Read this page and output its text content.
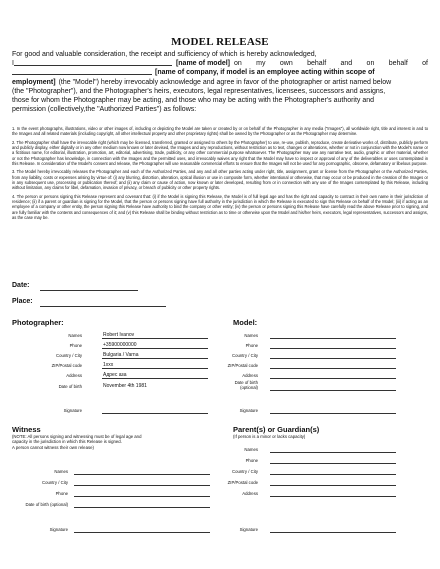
MODEL RELEASE
For good and valuable consideration, the receipt and sufficiency of which is hereby acknowledged,
I	[name of model] on my own behalf and on behalf of
[name of company, if model is an employee acting within scope of
employment] (the "Model") hereby irrevocably acknowledge and agree in favor of the photographer or artist named below
(the "Photographer"), and the Photographer's heirs, executors, legal representatives, licensees, successors and assigns,
those for whom the Photographer may be acting, and those who may be acting with the Photographer's authority and
permission (collectively,the "Authorized Parties") as follows:

1. In the event photographs, illustrations, video or other images of, including or depicting the Model are taken or created by or on behalf of the Photographer in any media ("Images"), all worldwide right, title and interest in and to the Images and all related materials (including copyright, all other intellectual property and other proprietary rights) shall be owned by the Photographer or as the Photographer may determine.

2. The Photographer shall have the irrevocable right (which may be licensed, transferred, granted or assigned to others by the Photographer) to use, re-use, publish, reproduce, create derivative works of, distribute, publicly perform and publicly display, either digitally or in any other medium now known or later devised, the Images and any reproductions, without restriction as to text, changes or alterations, whether or not in conjunction with the Model's name or a fictitious name, for editorial, illustration, promotion, art, editorial, advertising, trade, publicity, or any other commercial purpose whatsoever. The Photographer may use any narrative text, audio, graphic or other material, whether or not the Photographer has knowledge, in connection with the Images and the permitted uses, and irrevocably waives any right that the Model may have to inspect or approval of any of the deliverables or uses contemplated in this Release. In consideration of the Model's consent and release, the Photographer will use reasonable commercial efforts to ensure that the Images will not be used for any pornographic, obscene, defamatory or libelous purpose.

3. The Model hereby irrevocably releases the Photographer and each of the Authorized Parties, and any and all other parties acting under right, title, assignment, grant or license from the Photographer or the Authorized Parties, from any liability, costs or expenses arising by virtue of: (i) any blurring, distortion, alteration, optical illusion or use in composite form, whether intentional or otherwise, that may occur or be produced in the creation of the Images or in any subsequent use, processing or publication thereof; and (ii) any claim or cause of action, now known or later developed, resulting from or in connection with any use of the Images contemplated by this Release, including without limitation, any claims for libel, defamation, invasion of privacy, or breach of publicity or other property rights.

4. The person or persons signing this Release represent and covenant that: (i) if the Model is signing this Release, the Model is of full legal age and has the right and capacity to contract in their own name in their jurisdiction of residence; (ii) if a parent or guardian is signing for the Model, that the person or persons signing have full authority in the jurisdiction in which the Release is executed to sign this Release on behalf of the Model; (iii) if acting as an employee of a company or other entity, the person signing this Release have authority to bind the company or other entity; (iv) the person or persons signing this Release have carefully read the above Release prior to signing, and are fully familiar with the contents and consequences of it; and (v) this Release shall be binding without restriction as to time or otherwise upon the Model and his/her heirs, executors, legal representatives, successors and assigns, as the case may be.

Date:
Place:
Photographer:
Names	Robert Ivanov
Phone	+35900000000
Country / City	Bulgaria / Varna
ZIP/Postal code	1xxx
Address	Адрес аза
Date of birth	November 4th 1981
Signature
Model:
Names
Phone
Country / City
ZIP/Postal code
Address
Date of birth
(optional)
Signature
Witness
(NOTE: All persons signing and witnessing must be of legal age and
capacity in the jurisdiction in which this Release is signed.
A person cannot witness their own release)
Names
Country / City
Phone
Date of birth (optional)
Signature
Parent(s) or Guardian(s)
(If person is a minor or lacks capacity)
Names
Phone
Country / City
ZIP/Postal code
Address
Signature
